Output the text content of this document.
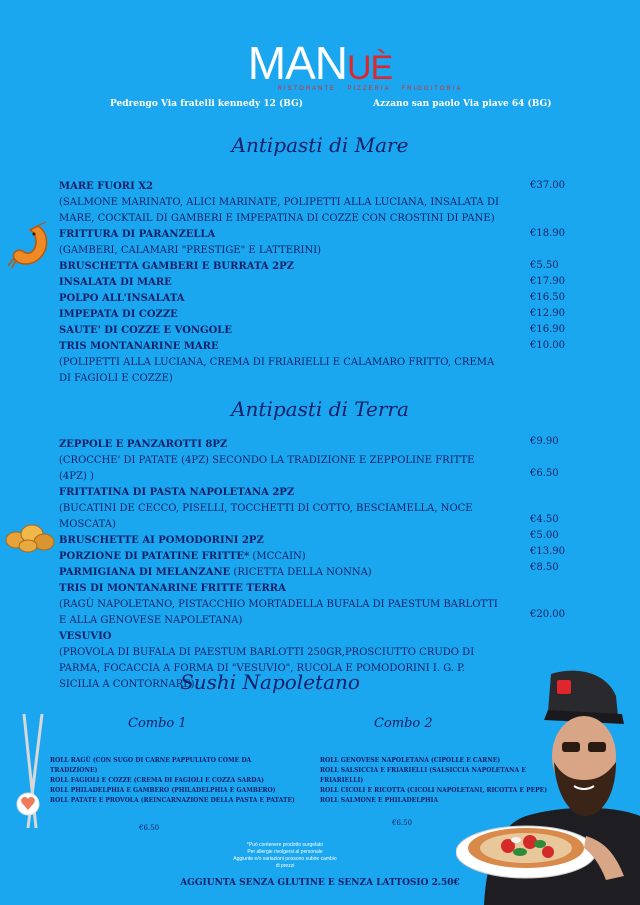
MANUÈ
RISTORANTE · PIZZERIA · FRIGGITORIA
Pedrengo Via fratelli kennedy 12 (BG)	Azzano san paolo Via piave 64 (BG)
Antipasti di Mare
MARE FUORI X2
(SALMONE MARINATO, ALICI MARINATE, POLIPETTI ALLA LUCIANA, INSALATA DI MARE, COCKTAIL DI GAMBERI E IMPEPATINA DI COZZE CON CROSTINI DI PANE)
FRITTURA DI PARANZELLA
(GAMBERI, CALAMARI "PRESTIGE" E LATTERINI)
BRUSCHETTA GAMBERI E BURRATA 2PZ
INSALATA DI MARE
POLPO ALL'INSALATA
IMPEPATA DI COZZE
SAUTE' DI COZZE E VONGOLE
TRIS MONTANARINE MARE
(POLIPETTI ALLA LUCIANA, CREMA DI FRIARIELLI E CALAMARO FRITTO, CREMA DI FAGIOLI E COZZE)
€37.00
€18.90
€5.50
€17.90
€16.50
€12.90
€16.90
€10.00
Antipasti di Terra
ZEPPOLE E PANZAROTTI 8PZ
(CROCCHE' DI PATATE (4PZ) SECONDO LA TRADIZIONE E ZEPPOLINE FRITTE (4PZ) )
FRITTATINA DI PASTA NAPOLETANA 2PZ
(BUCATINI DE CECCO, PISELLI, TOCCHETTI DI COTTO, BESCIAMELLA, NOCE MOSCATA)
BRUSCHETTE AI POMODORINI 2PZ
PORZIONE DI PATATINE FRITTE* (MCCAIN)
PARMIGIANA DI MELANZANE (RICETTA DELLA NONNA)
TRIS DI MONTANARINE FRITTE TERRA
(RAGÙ NAPOLETANO, PISTACCHIO MORTADELLA BUFALA DI PAESTUM BARLOTTI E ALLA GENOVESE NAPOLETANA)
VESUVIO
(PROVOLA DI BUFALA DI PAESTUM BARLOTTI 250GR,PROSCIUTTO CRUDO DI PARMA, FOCACCIA A FORMA DI "VESUVIO", RUCOLA E POMODORINI I. G. P. SICILIA A CONTORNARE)
€9.90
€6.50
€4.50
€5.00
€13.90
€8.50
€20.00
Sushi Napoletano
Combo 1	Combo 2
ROLL RAGÙ (CON SUGO DI CARNE PAPPULIATO COME DA TRADIZIONE)
ROLL FAGIOLI E COZZE (CREMA DI FAGIOLI E COZZA SARDA)
ROLL PHILADELPHIA E GAMBERO (PHILADELPHIA E GAMBERO)
ROLL PATATE E PROVOLA (REINCARNAZIONE DELLA PASTA E PATATE)
ROLL GENOVESE NAPOLETANA (CIPOLLE E CARNE)
ROLL SALSICCIA E FRIARIELLI (SALSICCIA NAPOLETANA E FRIARIELLI)
ROLL CICOLI E RICOTTA (CICOLI NAPOLETANI, RICOTTA E PEPE)
ROLL SALMONE E PHILADELPHIA
€6.50
€6.50
*Può contenere prodotto surgelato
Per allergie rivolgersi al personale
Aggiunte e/o variazioni possono subire cambio
di prezzi
AGGIUNTA SENZA GLUTINE E SENZA LATTOSIO 2.50€
